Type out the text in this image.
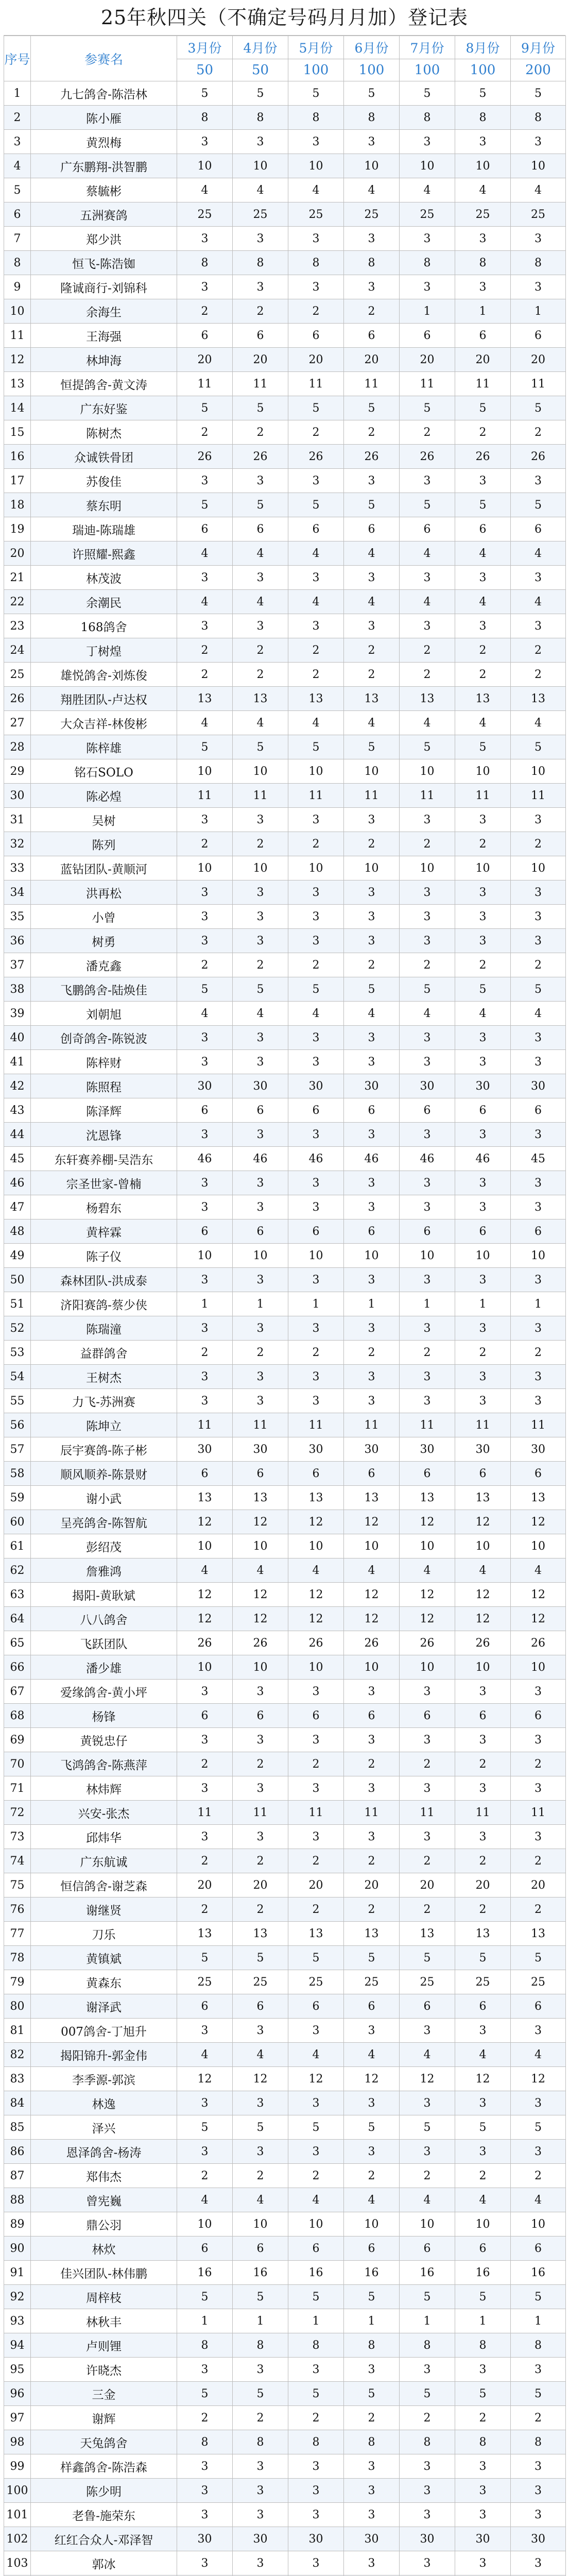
25年秋四关（不确定号码月月加）登记表
序号	参赛名	3月份	4月份	5月份	6月份	7月份	8月份	9月份
		50	50	100	100	100	100	200
1	九七鸽舍-陈浩林	5	5	5	5	5	5	5
2	陈小雁	8	8	8	8	8	8	8
3	黄烈梅	3	3	3	3	3	3	3
4	广东鹏翔-洪智鹏	10	10	10	10	10	10	10
5	蔡毓彬	4	4	4	4	4	4	4
6	五洲赛鸽	25	25	25	25	25	25	25
7	郑少洪	3	3	3	3	3	3	3
8	恒飞-陈浩铷	8	8	8	8	8	8	8
9	隆诚商行-刘锦科	3	3	3	3	3	3	3
10	余海生	2	2	2	2	1	1	1
11	王海强	6	6	6	6	6	6	6
12	林坤海	20	20	20	20	20	20	20
13	恒提鸽舍-黄文涛	11	11	11	11	11	11	11
14	广东好鉴	5	5	5	5	5	5	5
15	陈树杰	2	2	2	2	2	2	2
16	众诚铁骨团	26	26	26	26	26	26	26
17	苏俊佳	3	3	3	3	3	3	3
18	蔡东明	5	5	5	5	5	5	5
19	瑞迪-陈瑞雄	6	6	6	6	6	6	6
20	许照耀-熙鑫	4	4	4	4	4	4	4
21	林茂波	3	3	3	3	3	3	3
22	余潮民	4	4	4	4	4	4	4
23	168鸽舍	3	3	3	3	3	3	3
24	丁树煌	2	2	2	2	2	2	2
25	雄悦鸽舍-刘炼俊	2	2	2	2	2	2	2
26	翔胜团队-卢达权	13	13	13	13	13	13	13
27	大众吉祥-林俊彬	4	4	4	4	4	4	4
28	陈梓雄	5	5	5	5	5	5	5
29	铭石SOLO	10	10	10	10	10	10	10
30	陈必煌	11	11	11	11	11	11	11
31	吴树	3	3	3	3	3	3	3
32	陈列	2	2	2	2	2	2	2
33	蓝钻团队-黄顺河	10	10	10	10	10	10	10
34	洪再松	3	3	3	3	3	3	3
35	小曾	3	3	3	3	3	3	3
36	树勇	3	3	3	3	3	3	3
37	潘克鑫	2	2	2	2	2	2	2
38	飞鹏鸽舍-陆焕佳	5	5	5	5	5	5	5
39	刘朝旭	4	4	4	4	4	4	4
40	创奇鸽舍-陈锐波	3	3	3	3	3	3	3
41	陈梓财	3	3	3	3	3	3	3
42	陈照程	30	30	30	30	30	30	30
43	陈泽辉	6	6	6	6	6	6	6
44	沈恩锋	3	3	3	3	3	3	3
45	东轩赛养棚-吴浩东	46	46	46	46	46	46	45
46	宗圣世家-曾楠	3	3	3	3	3	3	3
47	杨碧东	3	3	3	3	3	3	3
48	黄梓霖	6	6	6	6	6	6	6
49	陈子仪	10	10	10	10	10	10	10
50	森林团队-洪成泰	3	3	3	3	3	3	3
51	济阳赛鸽-蔡少侠	1	1	1	1	1	1	1
52	陈瑞潼	3	3	3	3	3	3	3
53	益群鸽舍	2	2	2	2	2	2	2
54	王树杰	3	3	3	3	3	3	3
55	力飞-苏洲赛	3	3	3	3	3	3	3
56	陈坤立	11	11	11	11	11	11	11
57	辰宇赛鸽-陈子彬	30	30	30	30	30	30	30
58	顺风顺养-陈景财	6	6	6	6	6	6	6
59	谢小武	13	13	13	13	13	13	13
60	呈亮鸽舍-陈智航	12	12	12	12	12	12	12
61	彭绍茂	10	10	10	10	10	10	10
62	詹雅鸿	4	4	4	4	4	4	4
63	揭阳-黄耿斌	12	12	12	12	12	12	12
64	八八鸽舍	12	12	12	12	12	12	12
65	飞跃团队	26	26	26	26	26	26	26
66	潘少雄	10	10	10	10	10	10	10
67	爱缘鸽舍-黄小坪	3	3	3	3	3	3	3
68	杨锋	6	6	6	6	6	6	6
69	黄锐忠仔	3	3	3	3	3	3	3
70	飞鸿鸽舍-陈燕萍	2	2	2	2	2	2	2
71	林炜辉	3	3	3	3	3	3	3
72	兴安-张杰	11	11	11	11	11	11	11
73	邱炜华	3	3	3	3	3	3	3
74	广东航诚	2	2	2	2	2	2	2
75	恒信鸽舍-谢芝森	20	20	20	20	20	20	20
76	谢继贤	2	2	2	2	2	2	2
77	刀乐	13	13	13	13	13	13	13
78	黄镇斌	5	5	5	5	5	5	5
79	黄森东	25	25	25	25	25	25	25
80	谢泽武	6	6	6	6	6	6	6
81	007鸽舍-丁旭升	3	3	3	3	3	3	3
82	揭阳锦升-郭金伟	4	4	4	4	4	4	4
83	李季源-郭滨	12	12	12	12	12	12	12
84	林逸	3	3	3	3	3	3	3
85	泽兴	5	5	5	5	5	5	5
86	恩泽鸽舍-杨涛	3	3	3	3	3	3	3
87	郑伟杰	2	2	2	2	2	2	2
88	曾宪巍	4	4	4	4	4	4	4
89	鼎公羽	10	10	10	10	10	10	10
90	林炊	6	6	6	6	6	6	6
91	佳兴团队-林伟鹏	16	16	16	16	16	16	16
92	周梓枝	5	5	5	5	5	5	5
93	林秋丰	1	1	1	1	1	1	1
94	卢则锂	8	8	8	8	8	8	8
95	许晓杰	3	3	3	3	3	3	3
96	三金	5	5	5	5	5	5	5
97	谢辉	2	2	2	2	2	2	2
98	天兔鸽舍	8	8	8	8	8	8	8
99	样鑫鸽舍-陈浩森	3	3	3	3	3	3	3
100	陈少明	3	3	3	3	3	3	3
101	老鲁-施荣东	3	3	3	3	3	3	3
102	红红合众人-邓泽智	30	30	30	30	30	30	30
103	郭冰	3	3	3	3	3	3	3
